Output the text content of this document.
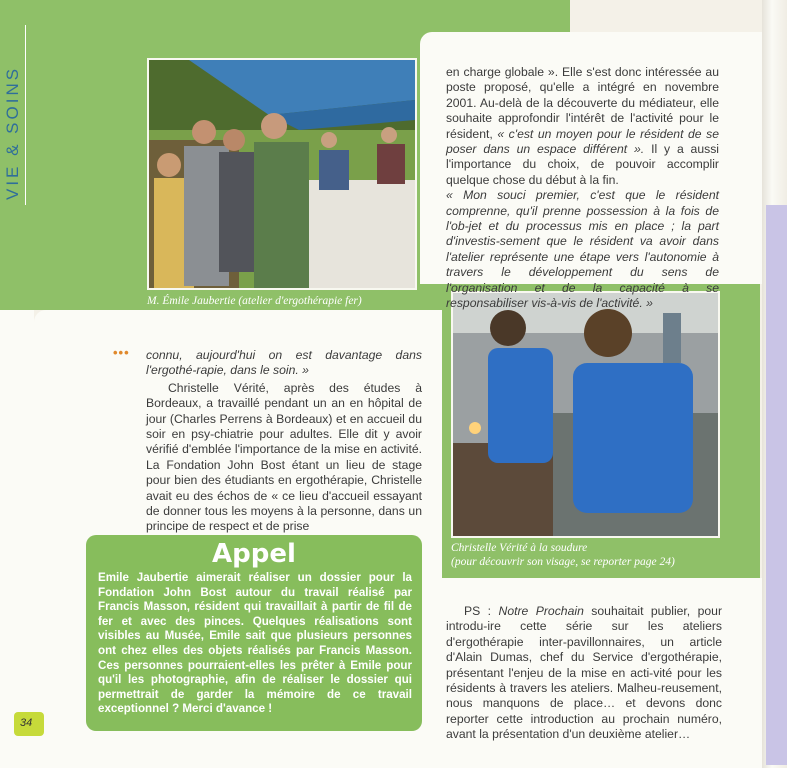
VIE & SOINS
M. Émile Jaubertie (atelier d'ergothérapie fer)
Christelle Vérité à la soudure
(pour découvrir son visage, se reporter page 24)

en charge globale ». Elle s'est donc intéressée au poste proposé, qu'elle a intégré en novembre 2001. Au-delà de la découverte du médiateur, elle souhaite approfondir l'intérêt de l'activité pour le résident, « c'est un moyen pour le résident de se poser dans un espace différent ». Il y a aussi l'importance du choix, de pouvoir accomplir quelque chose du début à la fin.

« Mon souci premier, c'est que le résident comprenne, qu'il prenne possession à la fois de l'ob-jet et du processus mis en place ; la part d'investis-sement que le résident va avoir dans l'atelier représente une étape vers l'autonomie à travers le développement du sens de l'organisation et de la capacité à se responsabiliser vis-à-vis de l'activité. »

••• connu, aujourd'hui on est davantage dans l'ergothé-rapie, dans le soin. »

Christelle Vérité, après des études à Bordeaux, a travaillé pendant un an en hôpital de jour (Charles Perrens à Bordeaux) et en accueil du soir en psy-chiatrie pour adultes. Elle dit y avoir vérifié d'emblée l'importance de la mise en activité. La Fondation John Bost étant un lieu de stage pour bien des étudiants en ergothérapie, Christelle avait eu des échos de « ce lieu d'accueil essayant de donner tous les moyens à la personne, dans un principe de respect et de prise

Appel
Emile Jaubertie aimerait réaliser un dossier pour la Fondation John Bost autour du travail réalisé par Francis Masson, résident qui travaillait à partir de fil de fer et avec des pinces. Quelques réalisations sont visibles au Musée, Emile sait que plusieurs personnes ont chez elles des objets réalisés par Francis Masson. Ces personnes pourraient-elles les prêter à Emile pour qu'il les photographie, afin de réaliser le dossier qui permettrait de garder la mémoire de ce travail exceptionnel ? Merci d'avance !
34

PS : Notre Prochain souhaitait publier, pour introdu-ire cette série sur les ateliers d'ergothérapie inter-pavillonnaires, un article d'Alain Dumas, chef du Service d'ergothérapie, présentant l'enjeu de la mise en acti-vité pour les résidents à travers les ateliers. Malheu-reusement, nous manquons de place… et devons donc reporter cette introduction au prochain numéro, avant la présentation d'un deuxième atelier…
